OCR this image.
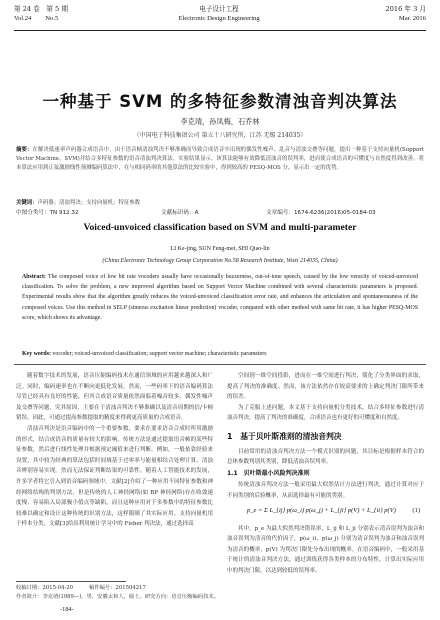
第 24 卷　第 5 期
Vol.24 No.5
电子设计工程
Electronic Design Engineering
2016 年 3 月
Mar. 2016
一种基于 SVM 的多特征参数清浊音判决算法
李克靖，孙凤梅，石乔林
（中国电子科技集团公司 第五十八研究所，江苏 无锡 214035）
摘要：在解决低速率声码器合成语音中，由于语音帧清浊判决不够准确而导致合成语音中出现的偶发性噪声、乱音与清浊交叠等问题，提出一种基于支持向量机(Support Vector Machine，SVM)并结合多特征参数的语音清浊判决算法。实验结果显示，该算法能够有效降低清浊音的误判率，进而使合成语音的可懂度与自然度得到改善。将本算法应用到正弦激励线性预测编码算法中，在与相同码率的其他算法的比较实验中，得到较高的 PESQ-MOS 分，显示出一定的优势。
关键词：声码器；清浊判决；支持向量机；特征参数
中图分类号：TN 912.32	文献标识码：A	文章编号：1674-6236(2016)05-0184-03
Voiced-unvoiced classification based on SVM and multi-parameter
LI Ke-jing, SUN Feng-mei, SHI Qiao-lin
(China Electronic Technology Group Corporation No.58 Research Institute, Wuxi 214035, China)
Abstract: The composed voice of low bit rate vocoders usually have occasionally buzzerness, out-of-tone speech, caused by the low veracity of voiced-unvoiced classification. To solve the problem, a new improved algorithm based on Support Vector Machine combined with several characteristic parameters is proposed. Experimental results show that the algorithm greatly reduces the voiced-unvoiced classification error rate, and enhances the articulation and spontaneousness of the composed voices. Use this method in SELP (sinuous excitation linear prediction) vocoder, compared with other method with same bit rate, it has higher PESQ-MOS score, which shows its advantage.
Key words: vocoder; voiced-unvoiced classification; support vector machine; characteristic parameters

随着数字技术的发展，语音压缩编码技术在通信领域的应用越来越深入和广泛。同时，编码速率也在不断向更低化发展。然而，一些码率下的语音编码算法尽管已经具有良好的性能，但其合成语音质量依然面临着噪音较多、偶发性噪声及交叠等问题。究其原因，主要在于清浊音判决不够准确以及清音周期的信/卡顿错误。因此，可通过提高参数提取的精度来得到更高质量的合成语音。

清浊音判决是语音编码中的一个重要参数，要求在要求语音合成时所用激励的形式，结合成语音的质量有较大的影响。传统方法是通过提取语音帧的某些特征参数，然后进行线性处理并根据预定阈值来进行判断。例如，一般依靠经验来设置，其中较为经典的算法包括时间域基于过零率与能量相结合处理计算，清浊音辨别容易实现。然而无法保证判断结果的可靠性。随着人工智能技术的发展，许多学者将它引入到语音编码领域中。文献[2]介绍了一种应用不同特征参数和神经网络结构的判别方法，但是传统的人工神经网络(如 BP 神经网络)存在收敛速度慢、容易陷入局部极小值点等缺陷，而且这种应用对于多参数中的特征参数比较难以确定和设计这种传统的识别方法，这样限制了其实际应用。支持向量机用于样本分类，文献[3]给出利用统计学习中的 Fisher 判决法，通过选择高

空间到一维空间投影，进而在一维空间进行判决，简化了分类界面的求取，提高了判决的准确度。然而，该方法依然存在较高要求的上确定判决门限所带来的误差。

为了克服上述问题，本文基于支持向量机分类技术，结合多特征参数进行清浊音判决，提高了判决的准确度，合成语音也有更好的可懂度和自然度。

1　基于贝叶斯准则的清浊音判决

目前常用的清浊音判决方法一个模式识别的问题，其目标是根据样本符合的总体参数判别其类别，降低清浊音误判率。

1.1　贝叶斯最小风险判决准则

传统清浊音判决方法一般采用最大似然估计方法进行判决，通过计算对应于不同类别的后验概率，从而选择最有可能的类别。

p_e = Σ L_{ij} p(ω_i) p(ω_j) + L_{ji} p(V) + L_{ii} p(V)	(1)

其中，p_e 为最大似然判决错误率，L_ij 和 L_ji 分别表示清音误判为浊音和浊音误判为清音的代价因子，p(ω_i)、p(ω_j) 分别为清音误判为浊音和浊音误判为清音的概率，p(V) 为判决门限处分布出现的概率。在语音编码中，一般采用基于统计的清浊音判决方法，通过训练获得各类样本的分布特性，计算出实际应用中的判决门限，以达到较低的误判率。

收稿日期：2015-04-20	稿件编号：201504217
作者简介：李克靖(1989—)，男，安徽太和人，硕士。研究方向：语音压缩编码技术。
-184-
